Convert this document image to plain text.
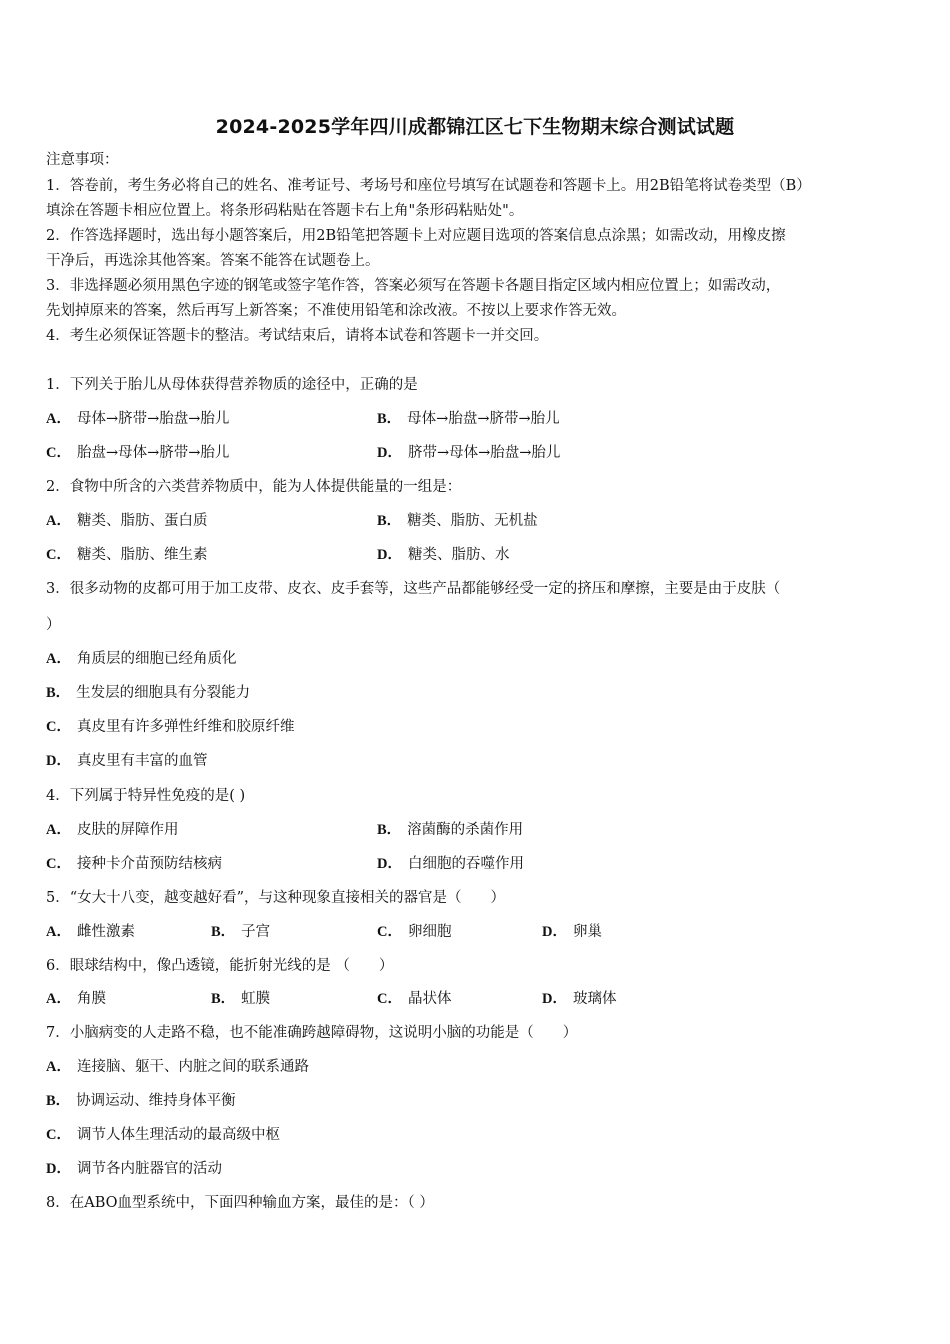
2024-2025学年四川成都锦江区七下生物期末综合测试试题
注意事项：
1．答卷前，考生务必将自己的姓名、准考证号、考场号和座位号填写在试题卷和答题卡上。用2B铅笔将试卷类型（B）
填涂在答题卡相应位置上。将条形码粘贴在答题卡右上角"条形码粘贴处"。
2．作答选择题时，选出每小题答案后，用2B铅笔把答题卡上对应题目选项的答案信息点涂黑；如需改动，用橡皮擦
干净后，再选涂其他答案。答案不能答在试题卷上。
3．非选择题必须用黑色字迹的钢笔或签字笔作答，答案必须写在答题卡各题目指定区域内相应位置上；如需改动，
先划掉原来的答案，然后再写上新答案；不准使用铅笔和涂改液。不按以上要求作答无效。
4．考生必须保证答题卡的整洁。考试结束后，请将本试卷和答题卡一并交回。
1．下列关于胎儿从母体获得营养物质的途径中，正确的是
A． 母体→脐带→胎盘→胎儿	B． 母体→胎盘→脐带→胎儿
C． 胎盘→母体→脐带→胎儿	D． 脐带→母体→胎盘→胎儿
2．食物中所含的六类营养物质中，能为人体提供能量的一组是：
A． 糖类、脂肪、蛋白质	B． 糖类、脂肪、无机盐
C． 糖类、脂肪、维生素	D． 糖类、脂肪、水
3．很多动物的皮都可用于加工皮带、皮衣、皮手套等，这些产品都能够经受一定的挤压和摩擦，主要是由于皮肤（
）
A． 角质层的细胞已经角质化
B． 生发层的细胞具有分裂能力
C． 真皮里有许多弹性纤维和胶原纤维
D． 真皮里有丰富的血管
4．下列属于特异性免疫的是( )
A． 皮肤的屏障作用	B． 溶菌酶的杀菌作用
C． 接种卡介苗预防结核病	D． 白细胞的吞噬作用
5．“女大十八变，越变越好看”，与这种现象直接相关的器官是（　　）
A． 雌性激素	B． 子宫	C． 卵细胞	D． 卵巢
6．眼球结构中，像凸透镜，能折射光线的是 （　　）
A． 角膜	B． 虹膜	C． 晶状体	D． 玻璃体
7．小脑病变的人走路不稳，也不能准确跨越障碍物，这说明小脑的功能是（　　）
A． 连接脑、躯干、内脏之间的联系通路
B． 协调运动、维持身体平衡
C． 调节人体生理活动的最高级中枢
D． 调节各内脏器官的活动
8．在ABO血型系统中，下面四种输血方案，最佳的是：（ ）
